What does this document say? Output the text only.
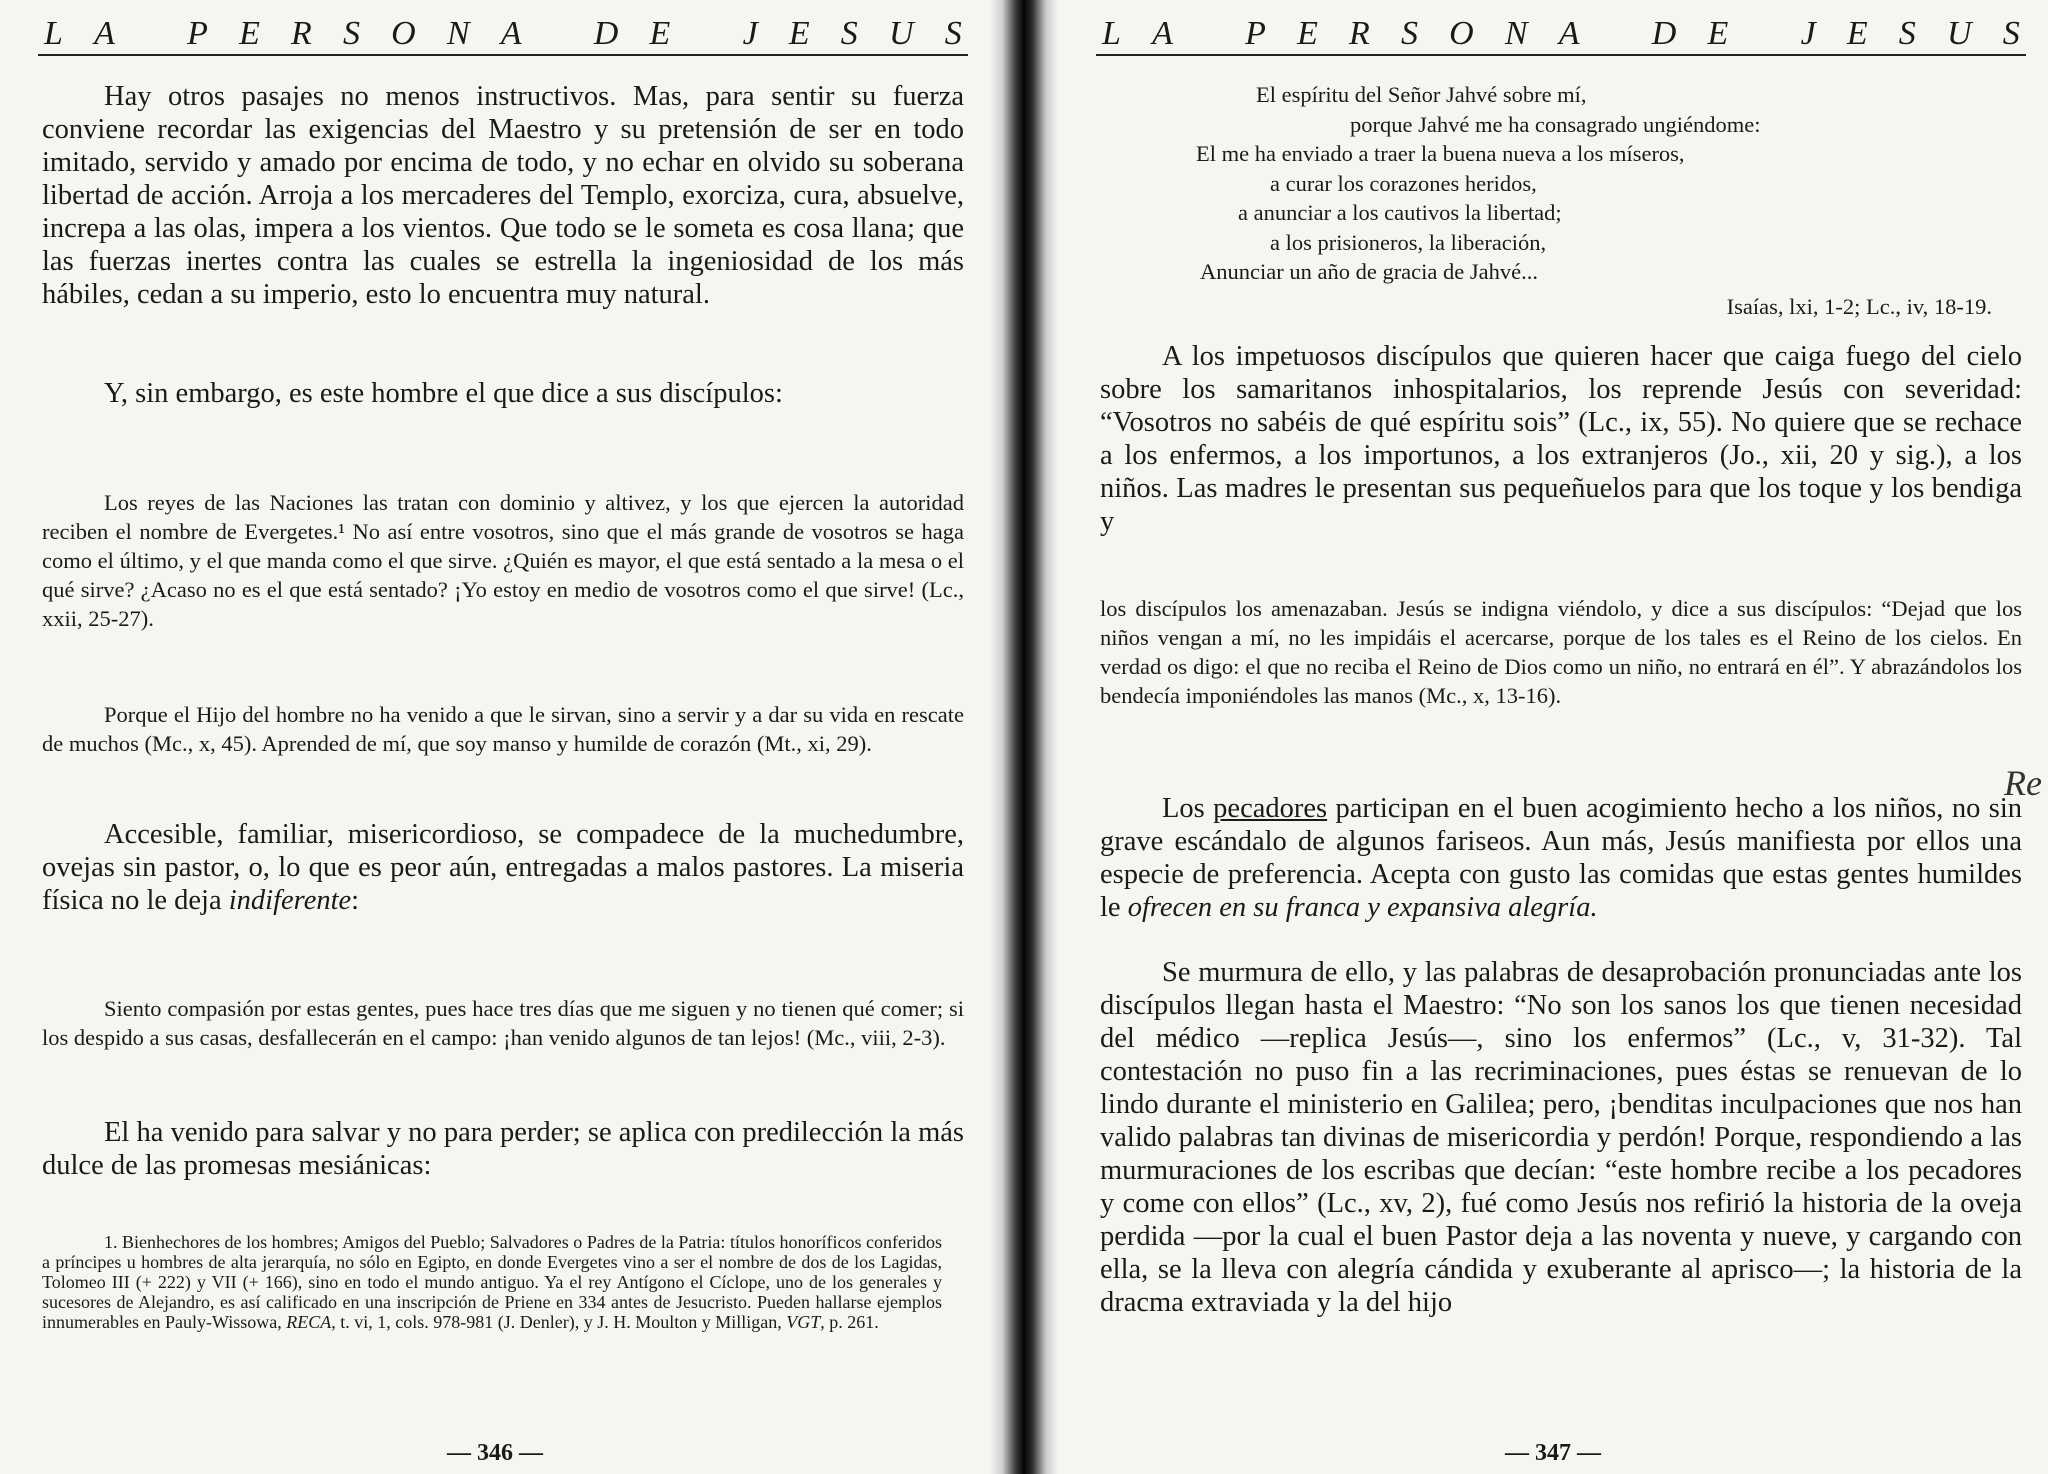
L A P E R S O N A D E J E S U S

Hay otros pasajes no menos instructivos. Mas, para sentir su fuerza conviene recordar las exigencias del Maestro y su pretensión de ser en todo imitado, servido y amado por encima de todo, y no echar en olvido su soberana libertad de acción. Arroja a los mercaderes del Templo, exorciza, cura, absuelve, increpa a las olas, impera a los vientos. Que todo se le someta es cosa llana; que las fuerzas inertes contra las cuales se estrella la ingeniosidad de los más hábiles, cedan a su imperio, esto lo encuentra muy natural.

Y, sin embargo, es este hombre el que dice a sus discípulos:

Los reyes de las Naciones las tratan con dominio y altivez, y los que ejercen la autoridad reciben el nombre de Evergetes.¹ No así entre vosotros, sino que el más grande de vosotros se haga como el último, y el que manda como el que sirve. ¿Quién es mayor, el que está sentado a la mesa o el qué sirve? ¿Acaso no es el que está sentado? ¡Yo estoy en medio de vosotros como el que sirve! (Lc., xxii, 25-27).

Porque el Hijo del hombre no ha venido a que le sirvan, sino a servir y a dar su vida en rescate de muchos (Mc., x, 45). Aprended de mí, que soy manso y humilde de corazón (Mt., xi, 29).

Accesible, familiar, misericordioso, se compadece de la muchedumbre, ovejas sin pastor, o, lo que es peor aún, entregadas a malos pastores. La miseria física no le deja indiferente:

Siento compasión por estas gentes, pues hace tres días que me siguen y no tienen qué comer; si los despido a sus casas, desfallecerán en el campo: ¡han venido algunos de tan lejos! (Mc., viii, 2-3).

El ha venido para salvar y no para perder; se aplica con predilección la más dulce de las promesas mesiánicas:

1. Bienhechores de los hombres; Amigos del Pueblo; Salvadores o Padres de la Patria: títulos honoríficos conferidos a príncipes u hombres de alta jerarquía, no sólo en Egipto, en donde Evergetes vino a ser el nombre de dos de los Lagidas, Tolomeo III (+ 222) y VII (+ 166), sino en todo el mundo antiguo. Ya el rey Antígono el Cíclope, uno de los generales y sucesores de Alejandro, es así calificado en una inscripción de Priene en 334 antes de Jesucristo. Pueden hallarse ejemplos innumerables en Pauly-Wissowa, RECA, t. vi, 1, cols. 978-981 (J. Denler), y J. H. Moulton y Milligan, VGT, p. 261.

— 346 —
L A P E R S O N A D E J E S U S
El espíritu del Señor Jahvé sobre mí,
porque Jahvé me ha consagrado ungiéndome:
El me ha enviado a traer la buena nueva a los míseros,
a curar los corazones heridos,
a anunciar a los cautivos la libertad;
a los prisioneros, la liberación,
Anunciar un año de gracia de Jahvé...
Isaías, lxi, 1-2; Lc., iv, 18-19.

A los impetuosos discípulos que quieren hacer que caiga fuego del cielo sobre los samaritanos inhospitalarios, los reprende Jesús con severidad: “Vosotros no sabéis de qué espíritu sois” (Lc., ix, 55). No quiere que se rechace a los enfermos, a los importunos, a los extranjeros (Jo., xii, 20 y sig.), a los niños. Las madres le presentan sus pequeñuelos para que los toque y los bendiga y

los discípulos los amenazaban. Jesús se indigna viéndolo, y dice a sus discípulos: “Dejad que los niños vengan a mí, no les impidáis el acercarse, porque de los tales es el Reino de los cielos. En verdad os digo: el que no reciba el Reino de Dios como un niño, no entrará en él”. Y abrazándolos los bendecía imponiéndoles las manos (Mc., x, 13-16).

Los pecadores participan en el buen acogimiento hecho a los niños, no sin grave escándalo de algunos fariseos. Aun más, Jesús manifiesta por ellos una especie de preferencia. Acepta con gusto las comidas que estas gentes humildes le ofrecen en su franca y expansiva alegría.

Se murmura de ello, y las palabras de desaprobación pronunciadas ante los discípulos llegan hasta el Maestro: “No son los sanos los que tienen necesidad del médico —replica Jesús—, sino los enfermos” (Lc., v, 31-32). Tal contestación no puso fin a las recriminaciones, pues éstas se renuevan de lo lindo durante el ministerio en Galilea; pero, ¡benditas inculpaciones que nos han valido palabras tan divinas de misericordia y perdón! Porque, respondiendo a las murmuraciones de los escribas que decían: “este hombre recibe a los pecadores y come con ellos” (Lc., xv, 2), fué como Jesús nos refirió la historia de la oveja perdida —por la cual el buen Pastor deja a las noventa y nueve, y cargando con ella, se la lleva con alegría cándida y exuberante al aprisco—; la historia de la dracma extraviada y la del hijo

— 347 —
Re
